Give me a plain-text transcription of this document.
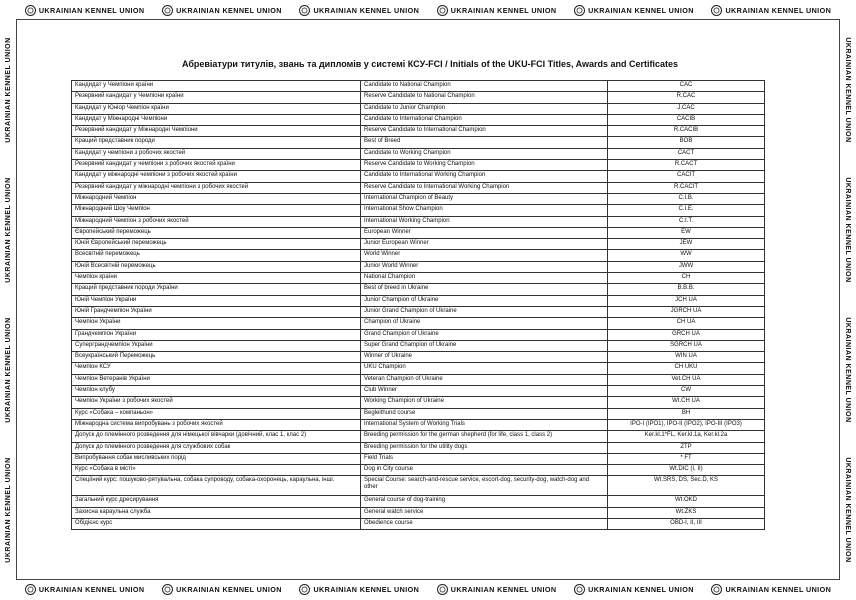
UKRAINIAN KENNEL UNION	UKRAINIAN KENNEL UNION	UKRAINIAN KENNEL UNION	UKRAINIAN KENNEL UNION	UKRAINIAN KENNEL UNION	UKRAINIAN KENNEL UNION
UKRAINIAN KENNEL UNION	UKRAINIAN KENNEL UNION	UKRAINIAN KENNEL UNION	UKRAINIAN KENNEL UNION	UKRAINIAN KENNEL UNION	UKRAINIAN KENNEL UNION
UKRAINIAN KENNEL UNION
UKRAINIAN KENNEL UNION
UKRAINIAN KENNEL UNION
UKRAINIAN KENNEL UNION	UKRAINIAN KENNEL UNION
UKRAINIAN KENNEL UNION
UKRAINIAN KENNEL UNION
UKRAINIAN KENNEL UNION
Абревіатури титулів, звань та дипломів у системі КСУ-FCI / Initials of the UKU-FCI Titles, Awards and Certificates
Кандидат у Чемпіони країни	Candidate to National Champion	CAC
Резервний кандидат у Чемпіони країни	Reserve Candidate to National Champion	R.CAC
Кандидат у Юніор Чемпіон країни	Candidate to Junior Champion	J.CAC
Кандидат у Міжнародні Чемпіони	Candidate to International Champion	CACIB
Резервний кандидат у Міжнародні Чемпіони	Reserve Candidate to International Champion	R.CACIB
Кращий представник породи	Best of Breed	BOB
Кандидат у чемпіони з робочих якостей	Candidate to Working Champion	CACT
Резервний кандидат у чемпіони з робочих якостей країни	Reserve Candidate to Working Champion	R.CACT
Кандидат у міжнародні чемпіони з робочих якостей країни	Candidate to International Working Champion	CACIT
Резервний кандидат у міжнародні чемпіони з робочих якостей	Reserve Candidate to International Working Champion	R.CACIT
Міжнародний Чемпіон	International Champion of Beauty	C.I.B.
Міжнародний Шоу Чемпіон	International Show Champion	C.I.E.
Міжнародний Чемпіон з робочих якостей	International Working Champion	C.I.T.
Європейський переможець	European Winner	EW
Юній Європейський переможець	Junior European Winner	JEW
Всесвітній переможець	World Winner	WW
Юній Всесвітній переможець	Junior World Winner	JWW
Чемпіон країни	National Champion	CH
Кращий представник породи України	Best of breed in Ukraine	B.B.B.
Юній Чемпіон України	Junior Champion of Ukraine	JCH UA
Юній Грандчемпіон України	Junior Grand Champion of Ukraine	JGRCH UA
Чемпіон України	Champion of Ukraine	CH UA
Грандчемпіон України	Grand Champion of Ukraine	GRCH UA
Суперграндчемпіон України	Super Grand Champion of Ukraine	SGRCH UA
Всеукраїнський Переможець	Winner of Ukraine	WIN UA
Чемпіон КСУ	UKU Champion	CH UKU
Чемпіон Ветеранів України	Veteran Champion of Ukraine	Vet.CH UA
Чемпіон клубу	Club Winner	CW
Чемпіон України з робочих якостей	Working Champion of Ukraine	Wt.CH UA
Курс «Собака – компаньон»	Begleithund course	BH
Міжнародна система випробувань з робочих якостей	International System of Working Trials	IPO-I (IPO1), IPO-II (IPO2), IPO-III (IPO3)
Допуск до племінного розведення для німецької вівчарки (довічний, клас 1, клас 2)	Breeding permission for the german shepherd (for life, class 1, class 2)	Ker.kl.1*FL, Ker.kl.1a, Ker.kl.2a
Допуск до племінного розведення для службових собак	Breeding permission for the utility dogs	ZTP
Випробування собак мисливських порід	Field Trials	* FT
Курс «Собака в місті»	Dog in City course	Wt.DIC (I, II)
Спеціїний курс: пошуково-рятувальна, собака супроводу, собака-охоронець, караульна, інші.	Special Course: search-and-rescue service, escort-dog, security-dog, watch-dog and other	Wt.SRS, DS, Sec.D, KS
Загальний курс дресирування	General course of dog-training	Wt.OKD
Захисна караульна служба	General watch service	Wt.ZKS
Обідієнс курс	Obedience course	OBD-I, II, III
